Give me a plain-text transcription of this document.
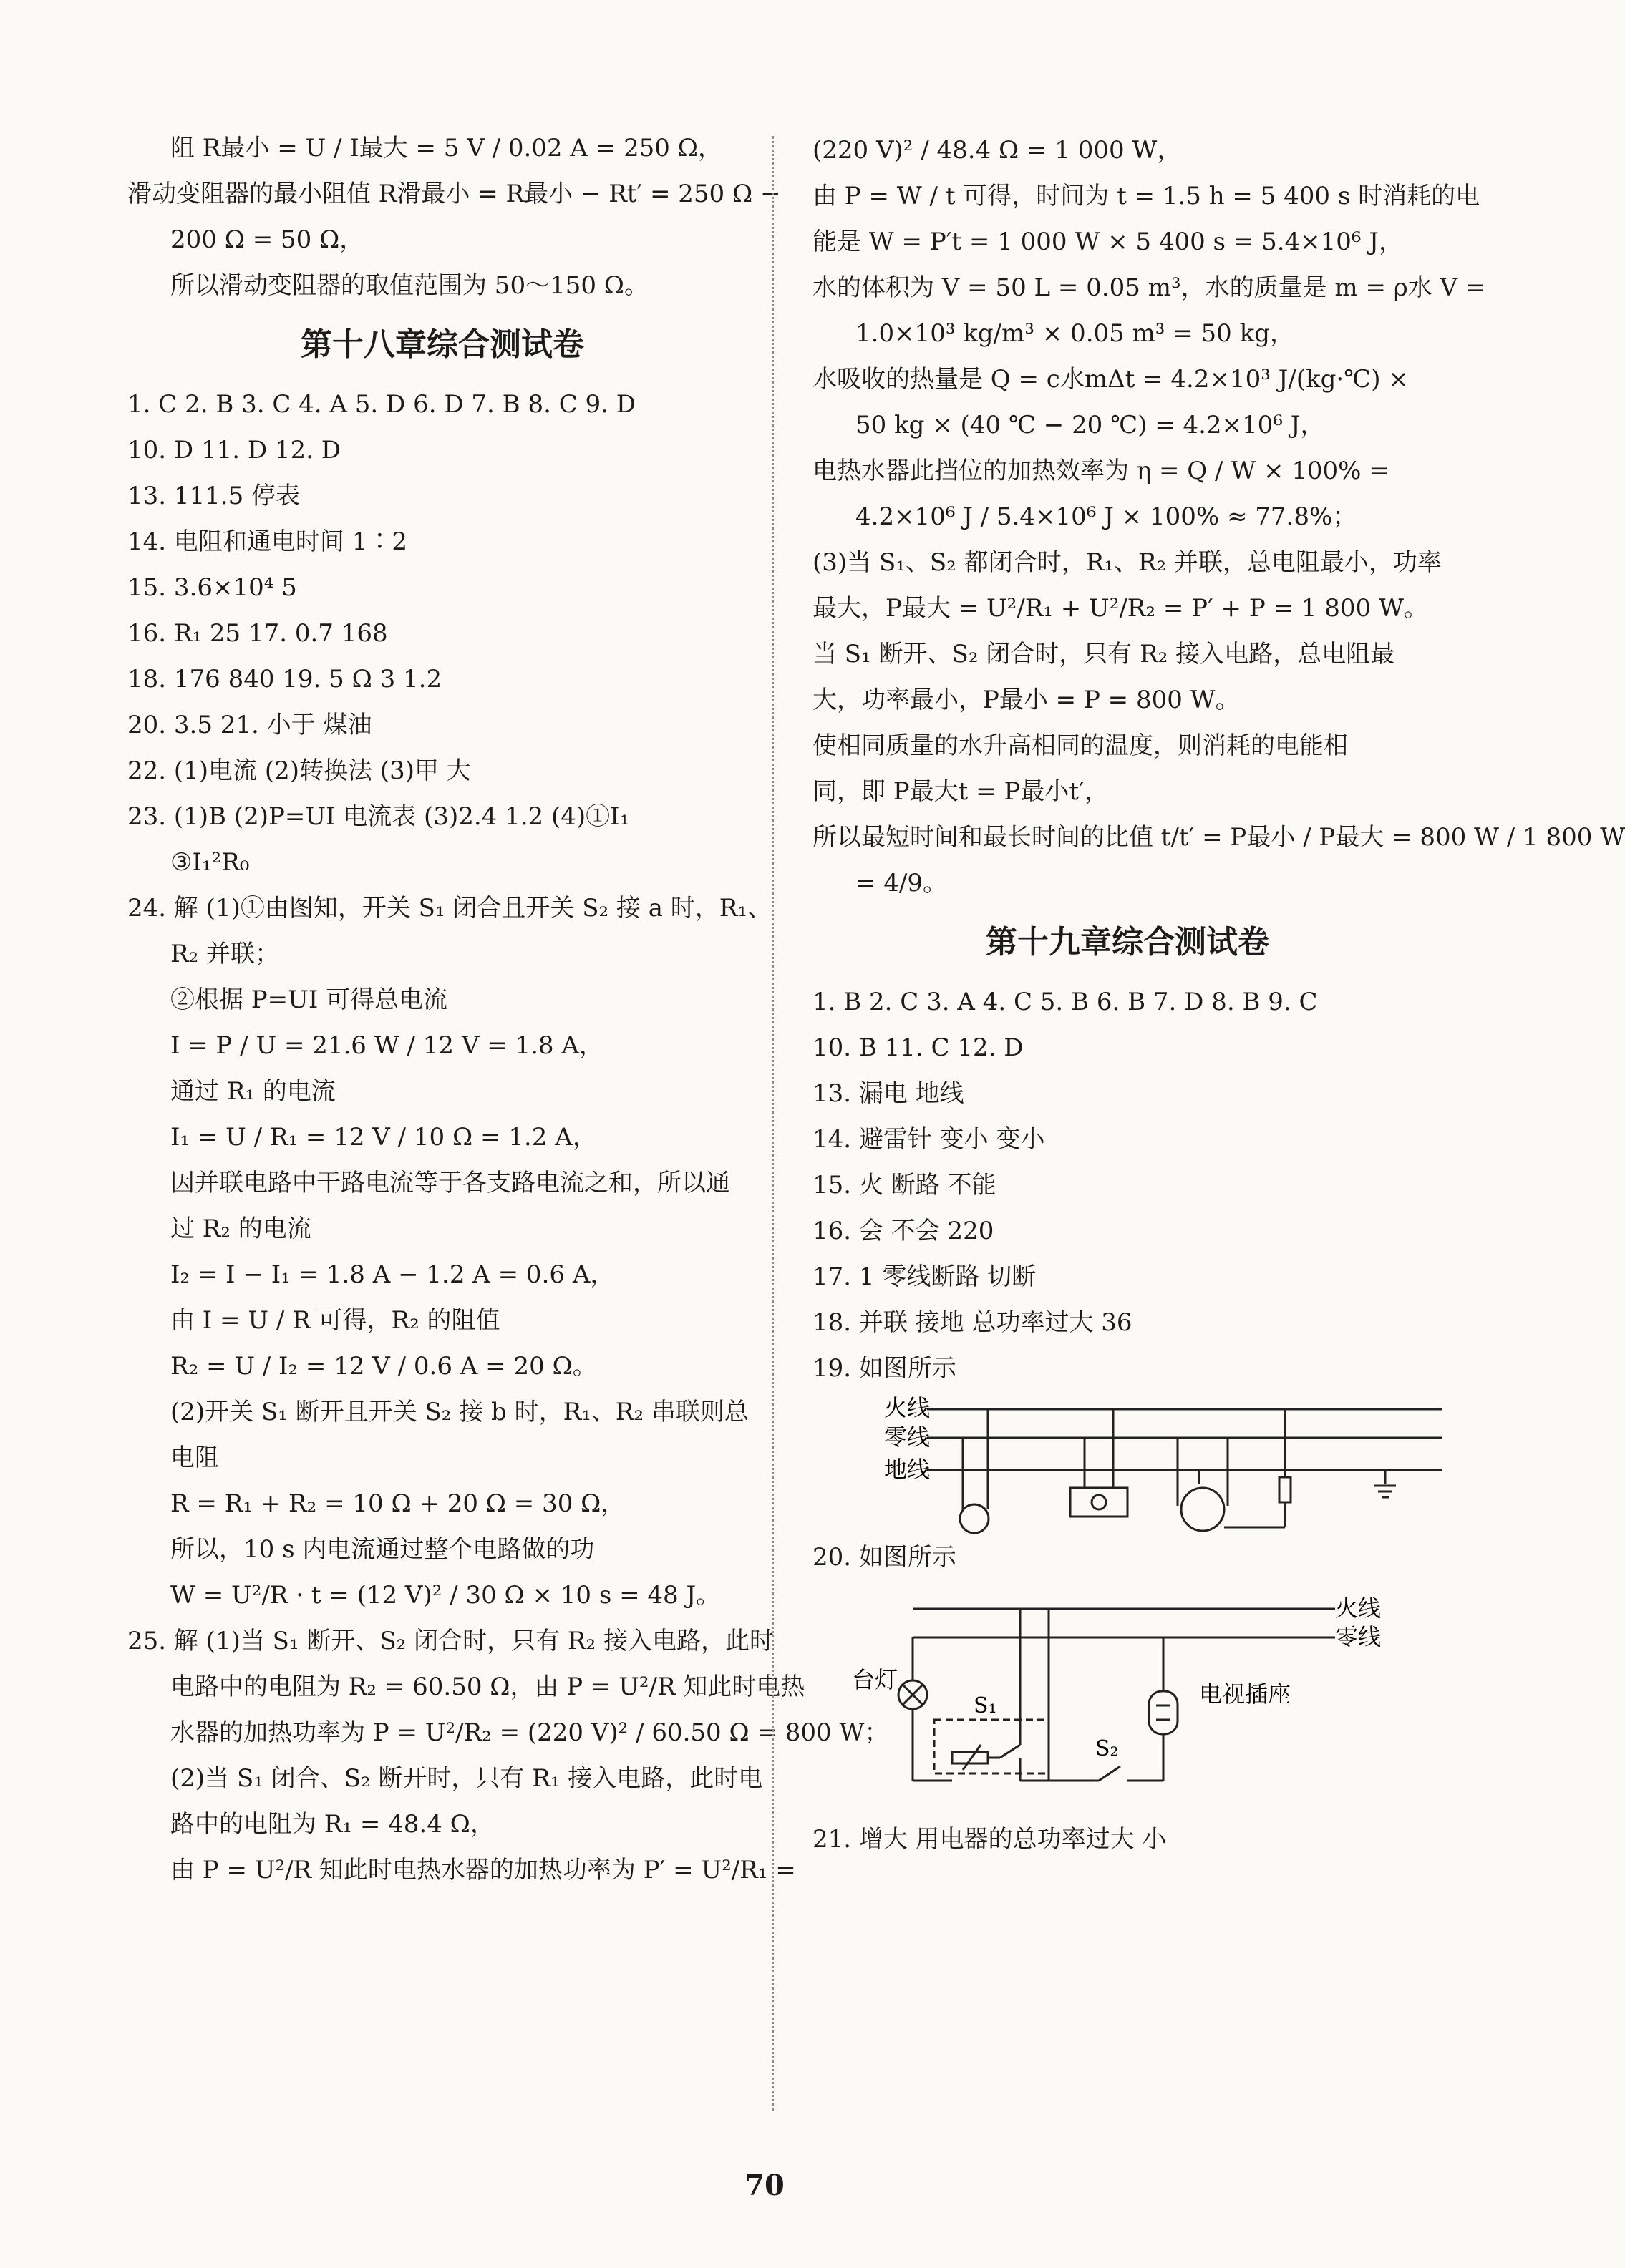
阻 R最小 = U / I最大 = 5 V / 0.02 A = 250 Ω，
滑动变阻器的最小阻值 R滑最小 = R最小 − Rt′ = 250 Ω −
200 Ω = 50 Ω，
所以滑动变阻器的取值范围为 50～150 Ω。
第十八章综合测试卷
1. C 2. B 3. C 4. A 5. D 6. D 7. B 8. C 9. D
10. D 11. D 12. D
13. 111.5 停表
14. 电阻和通电时间 1∶2
15. 3.6×10⁴ 5
16. R₁ 25 17. 0.7 168
18. 176 840 19. 5 Ω 3 1.2
20. 3.5 21. 小于 煤油
22. (1)电流 (2)转换法 (3)甲 大
23. (1)B (2)P=UI 电流表 (3)2.4 1.2 (4)①I₁
③I₁²R₀
24. 解 (1)①由图知，开关 S₁ 闭合且开关 S₂ 接 a 时，R₁、
R₂ 并联；
②根据 P=UI 可得总电流
I = P / U = 21.6 W / 12 V = 1.8 A，
通过 R₁ 的电流
I₁ = U / R₁ = 12 V / 10 Ω = 1.2 A，
因并联电路中干路电流等于各支路电流之和，所以通
过 R₂ 的电流
I₂ = I − I₁ = 1.8 A − 1.2 A = 0.6 A，
由 I = U / R 可得，R₂ 的阻值
R₂ = U / I₂ = 12 V / 0.6 A = 20 Ω。
(2)开关 S₁ 断开且开关 S₂ 接 b 时，R₁、R₂ 串联则总
电阻
R = R₁ + R₂ = 10 Ω + 20 Ω = 30 Ω，
所以，10 s 内电流通过整个电路做的功
W = U²/R · t = (12 V)² / 30 Ω × 10 s = 48 J。
25. 解 (1)当 S₁ 断开、S₂ 闭合时，只有 R₂ 接入电路，此时
电路中的电阻为 R₂ = 60.50 Ω，由 P = U²/R 知此时电热
水器的加热功率为 P = U²/R₂ = (220 V)² / 60.50 Ω = 800 W；
(2)当 S₁ 闭合、S₂ 断开时，只有 R₁ 接入电路，此时电
路中的电阻为 R₁ = 48.4 Ω，
由 P = U²/R 知此时电热水器的加热功率为 P′ = U²/R₁ =
(220 V)² / 48.4 Ω = 1 000 W，
由 P = W / t 可得，时间为 t = 1.5 h = 5 400 s 时消耗的电
能是 W = P′t = 1 000 W × 5 400 s = 5.4×10⁶ J，
水的体积为 V = 50 L = 0.05 m³，水的质量是 m = ρ水 V =
1.0×10³ kg/m³ × 0.05 m³ = 50 kg，
水吸收的热量是 Q = c水mΔt = 4.2×10³ J/(kg·℃) ×
50 kg × (40 ℃ − 20 ℃) = 4.2×10⁶ J，
电热水器此挡位的加热效率为 η = Q / W × 100% =
4.2×10⁶ J / 5.4×10⁶ J × 100% ≈ 77.8%；
(3)当 S₁、S₂ 都闭合时，R₁、R₂ 并联，总电阻最小，功率
最大，P最大 = U²/R₁ + U²/R₂ = P′ + P = 1 800 W。
当 S₁ 断开、S₂ 闭合时，只有 R₂ 接入电路，总电阻最
大，功率最小，P最小 = P = 800 W。
使相同质量的水升高相同的温度，则消耗的电能相
同，即 P最大t = P最小t′，
所以最短时间和最长时间的比值 t/t′ = P最小 / P最大 = 800 W / 1 800 W
= 4/9。
第十九章综合测试卷
1. B 2. C 3. A 4. C 5. B 6. B 7. D 8. B 9. C
10. B 11. C 12. D
13. 漏电 地线
14. 避雷针 变小 变小
15. 火 断路 不能
16. 会 不会 220
17. 1 零线断路 切断
18. 并联 接地 总功率过大 36
19. 如图所示
火线
零线
地线
20. 如图所示
火线
零线
台灯
电视插座
S₁
S₂
21. 增大 用电器的总功率过大 小
70
